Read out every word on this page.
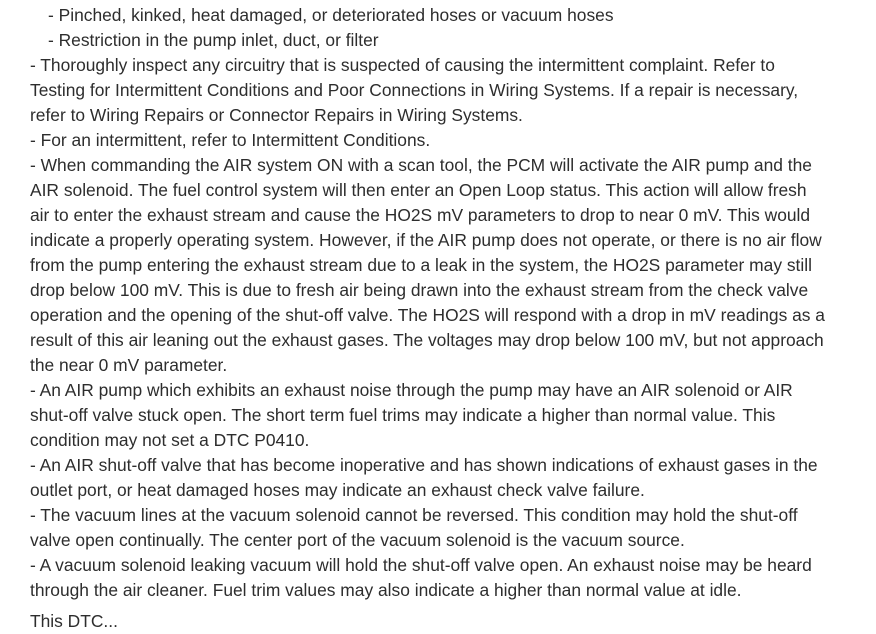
- Pinched, kinked, heat damaged, or deteriorated hoses or vacuum hoses
- Restriction in the pump inlet, duct, or filter

- Thoroughly inspect any circuitry that is suspected of causing the intermittent complaint. Refer to Testing for Intermittent Conditions and Poor Connections in Wiring Systems. If a repair is necessary, refer to Wiring Repairs or Connector Repairs in Wiring Systems.

- For an intermittent, refer to Intermittent Conditions.

- When commanding the AIR system ON with a scan tool, the PCM will activate the AIR pump and the AIR solenoid. The fuel control system will then enter an Open Loop status. This action will allow fresh air to enter the exhaust stream and cause the HO2S mV parameters to drop to near 0 mV. This would indicate a properly operating system. However, if the AIR pump does not operate, or there is no air flow from the pump entering the exhaust stream due to a leak in the system, the HO2S parameter may still drop below 100 mV. This is due to fresh air being drawn into the exhaust stream from the check valve operation and the opening of the shut-off valve. The HO2S will respond with a drop in mV readings as a result of this air leaning out the exhaust gases. The voltages may drop below 100 mV, but not approach the near 0 mV parameter.

- An AIR pump which exhibits an exhaust noise through the pump may have an AIR solenoid or AIR shut-off valve stuck open. The short term fuel trims may indicate a higher than normal value. This condition may not set a DTC P0410.

- An AIR shut-off valve that has become inoperative and has shown indications of exhaust gases in the outlet port, or heat damaged hoses may indicate an exhaust check valve failure.

- The vacuum lines at the vacuum solenoid cannot be reversed. This condition may hold the shut-off valve open continually. The center port of the vacuum solenoid is the vacuum source.

- A vacuum solenoid leaking vacuum will hold the shut-off valve open. An exhaust noise may be heard through the air cleaner. Fuel trim values may also indicate a higher than normal value at idle.

This DTC...
